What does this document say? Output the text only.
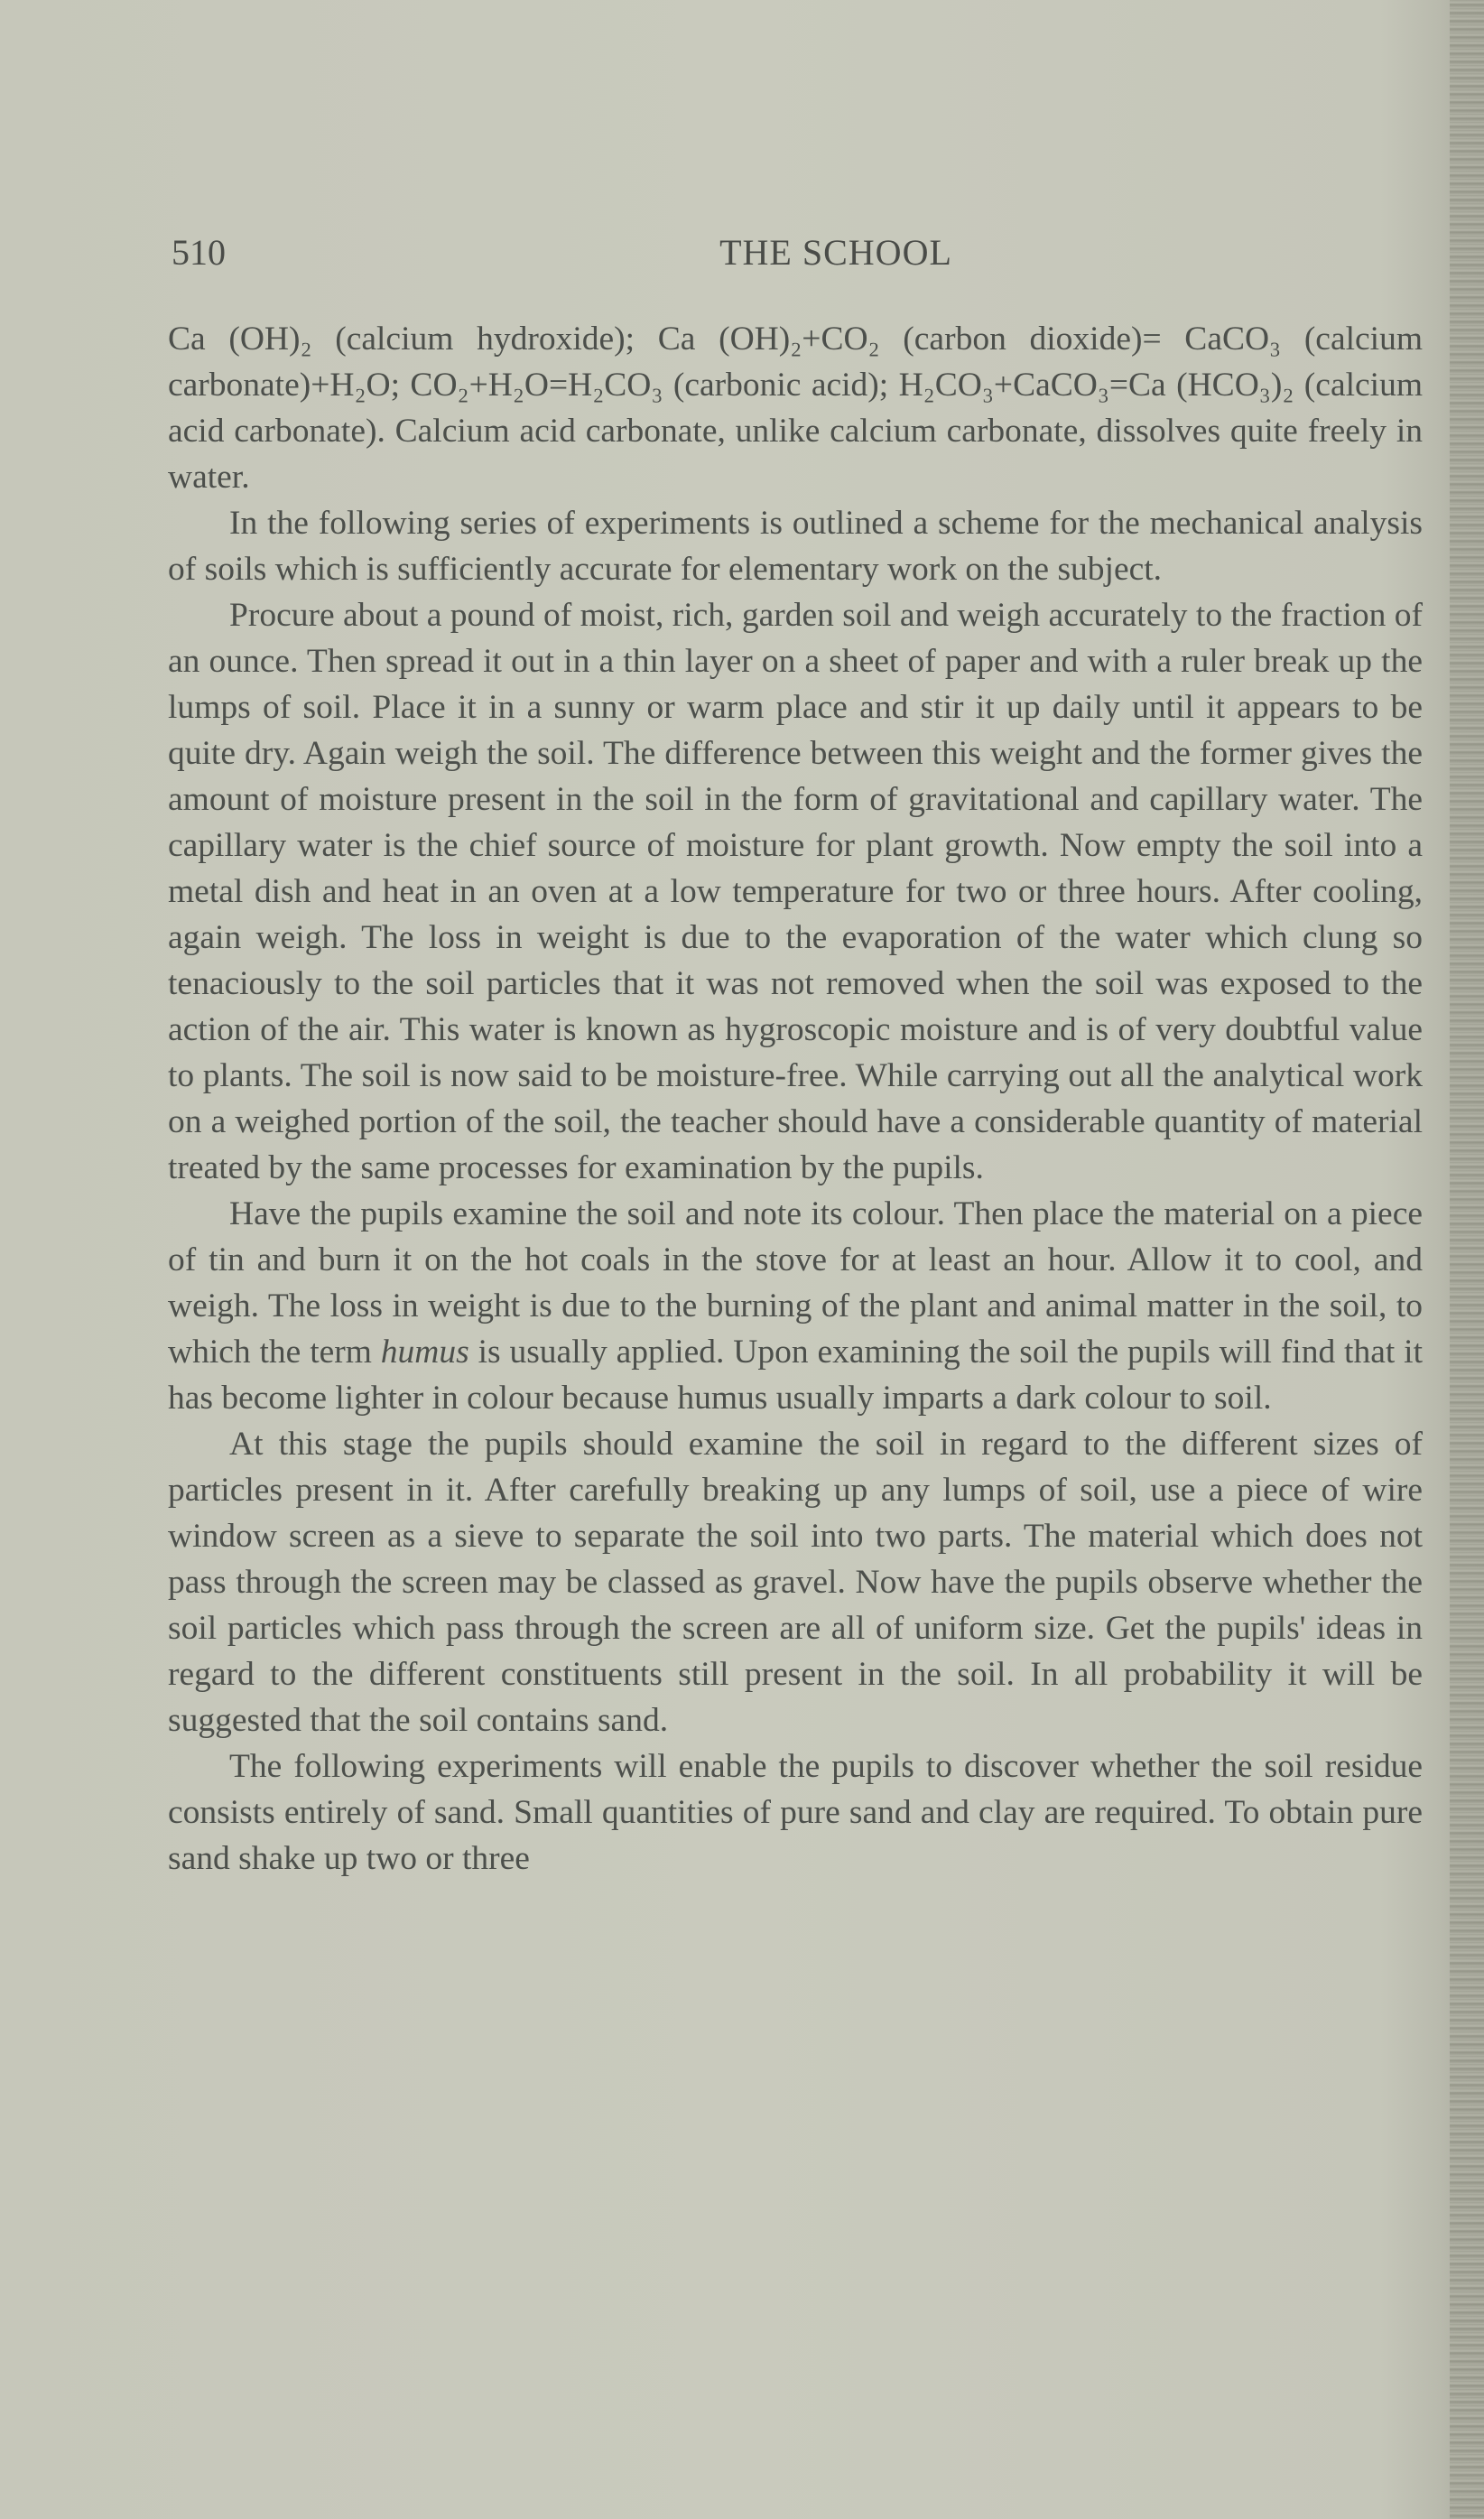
510	THE SCHOOL

Ca (OH)₂ (calcium hydroxide); Ca (OH)₂+CO₂ (carbon dioxide)= CaCO₃ (calcium carbonate)+H₂O; CO₂+H₂O=H₂CO₃ (carbonic acid); H₂CO₃+CaCO₃=Ca (HCO₃)₂ (calcium acid carbonate). Calcium acid carbonate, unlike calcium carbonate, dissolves quite freely in water.

In the following series of experiments is outlined a scheme for the mechanical analysis of soils which is sufficiently accurate for elementary work on the subject.

Procure about a pound of moist, rich, garden soil and weigh accurately to the fraction of an ounce. Then spread it out in a thin layer on a sheet of paper and with a ruler break up the lumps of soil. Place it in a sunny or warm place and stir it up daily until it appears to be quite dry. Again weigh the soil. The difference between this weight and the former gives the amount of moisture present in the soil in the form of gravitational and capillary water. The capillary water is the chief source of moisture for plant growth. Now empty the soil into a metal dish and heat in an oven at a low temperature for two or three hours. After cooling, again weigh. The loss in weight is due to the evaporation of the water which clung so tenaciously to the soil particles that it was not removed when the soil was exposed to the action of the air. This water is known as hygroscopic moisture and is of very doubtful value to plants. The soil is now said to be moisture-free. While carrying out all the analytical work on a weighed portion of the soil, the teacher should have a considerable quantity of material treated by the same processes for examination by the pupils.

Have the pupils examine the soil and note its colour. Then place the material on a piece of tin and burn it on the hot coals in the stove for at least an hour. Allow it to cool, and weigh. The loss in weight is due to the burning of the plant and animal matter in the soil, to which the term humus is usually applied. Upon examining the soil the pupils will find that it has become lighter in colour because humus usually imparts a dark colour to soil.

At this stage the pupils should examine the soil in regard to the different sizes of particles present in it. After carefully breaking up any lumps of soil, use a piece of wire window screen as a sieve to separate the soil into two parts. The material which does not pass through the screen may be classed as gravel. Now have the pupils observe whether the soil particles which pass through the screen are all of uniform size. Get the pupils' ideas in regard to the different constituents still present in the soil. In all probability it will be suggested that the soil contains sand.

The following experiments will enable the pupils to discover whether the soil residue consists entirely of sand. Small quantities of pure sand and clay are required. To obtain pure sand shake up two or three
